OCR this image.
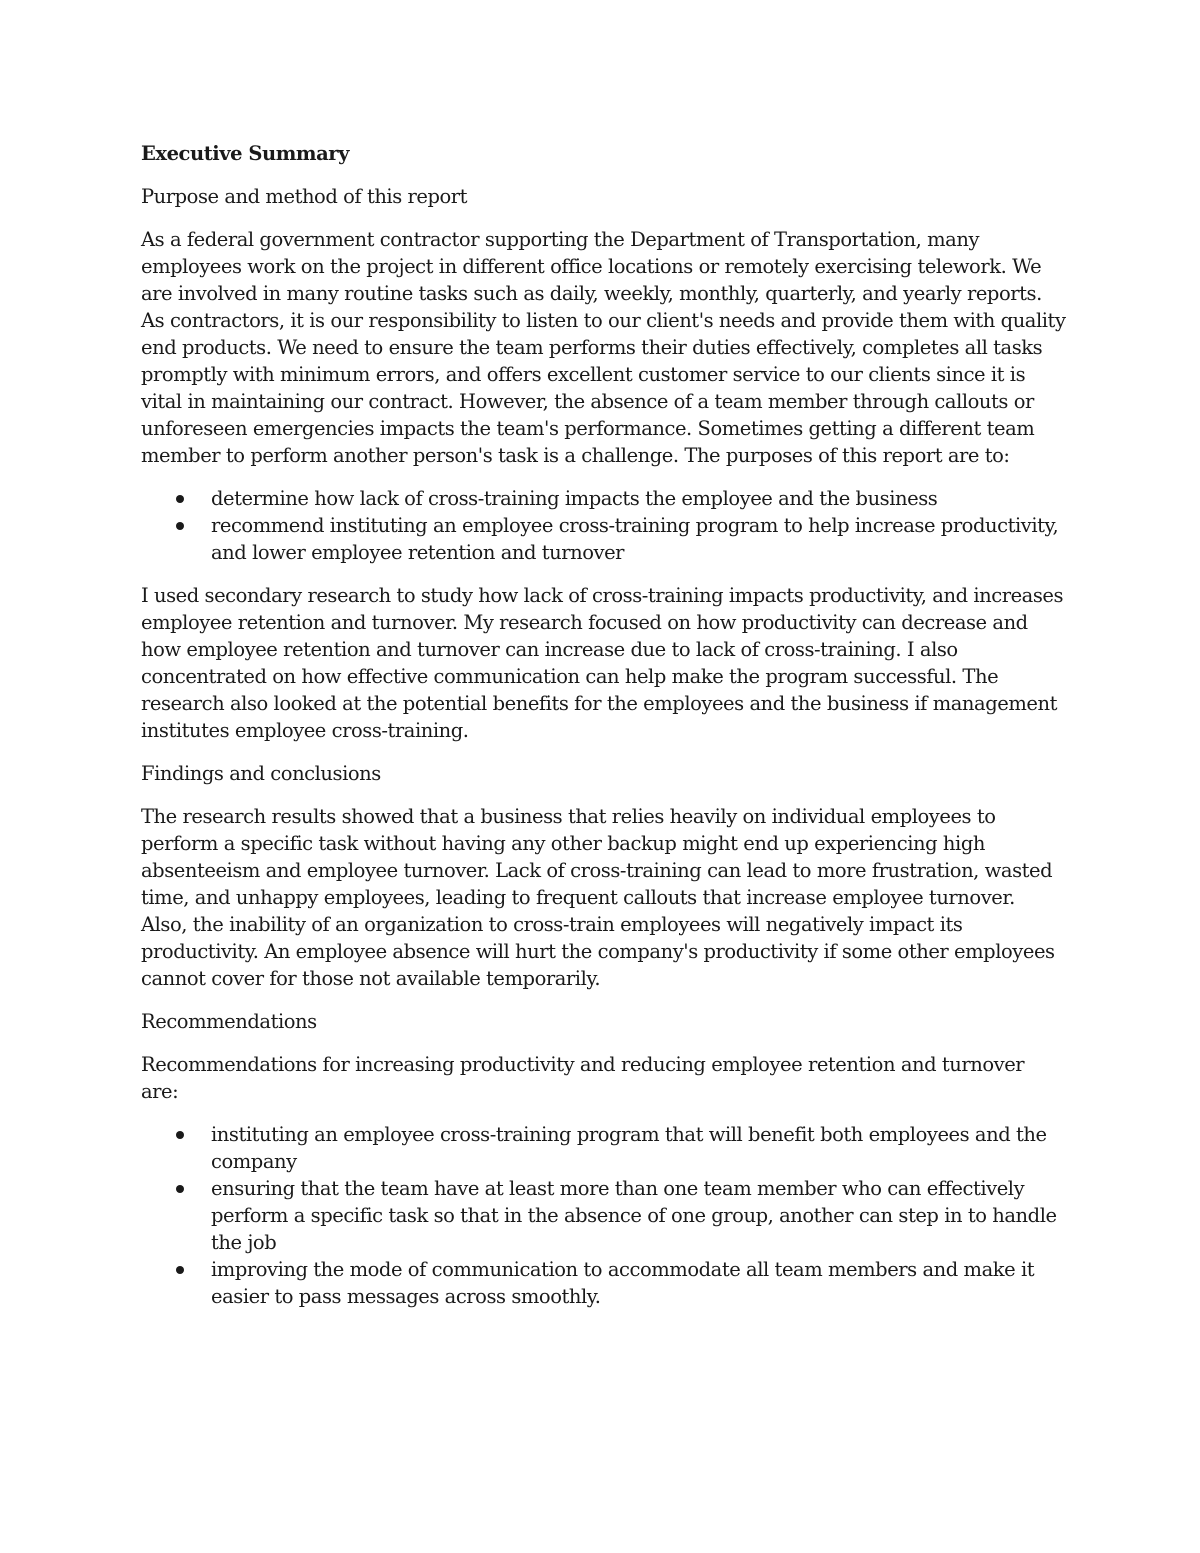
Executive Summary
Purpose and method of this report
As a federal government contractor supporting the Department of Transportation, many employees work on the project in different office locations or remotely exercising telework. We are involved in many routine tasks such as daily, weekly, monthly, quarterly, and yearly reports. As contractors, it is our responsibility to listen to our client's needs and provide them with quality end products. We need to ensure the team performs their duties effectively, completes all tasks promptly with minimum errors, and offers excellent customer service to our clients since it is vital in maintaining our contract. However, the absence of a team member through callouts or unforeseen emergencies impacts the team's performance. Sometimes getting a different team member to perform another person's task is a challenge. The purposes of this report are to:
determine how lack of cross-training impacts the employee and the business
recommend instituting an employee cross-training program to help increase productivity, and lower employee retention and turnover
I used secondary research to study how lack of cross-training impacts productivity, and increases employee retention and turnover. My research focused on how productivity can decrease and how employee retention and turnover can increase due to lack of cross-training. I also concentrated on how effective communication can help make the program successful. The research also looked at the potential benefits for the employees and the business if management institutes employee cross-training.
Findings and conclusions
The research results showed that a business that relies heavily on individual employees to perform a specific task without having any other backup might end up experiencing high absenteeism and employee turnover. Lack of cross-training can lead to more frustration, wasted time, and unhappy employees, leading to frequent callouts that increase employee turnover. Also, the inability of an organization to cross-train employees will negatively impact its productivity. An employee absence will hurt the company's productivity if some other employees cannot cover for those not available temporarily.
Recommendations
Recommendations for increasing productivity and reducing employee retention and turnover are:
instituting an employee cross-training program that will benefit both employees and the company
ensuring that the team have at least more than one team member who can effectively perform a specific task so that in the absence of one group, another can step in to handle the job
improving the mode of communication to accommodate all team members and make it easier to pass messages across smoothly.
